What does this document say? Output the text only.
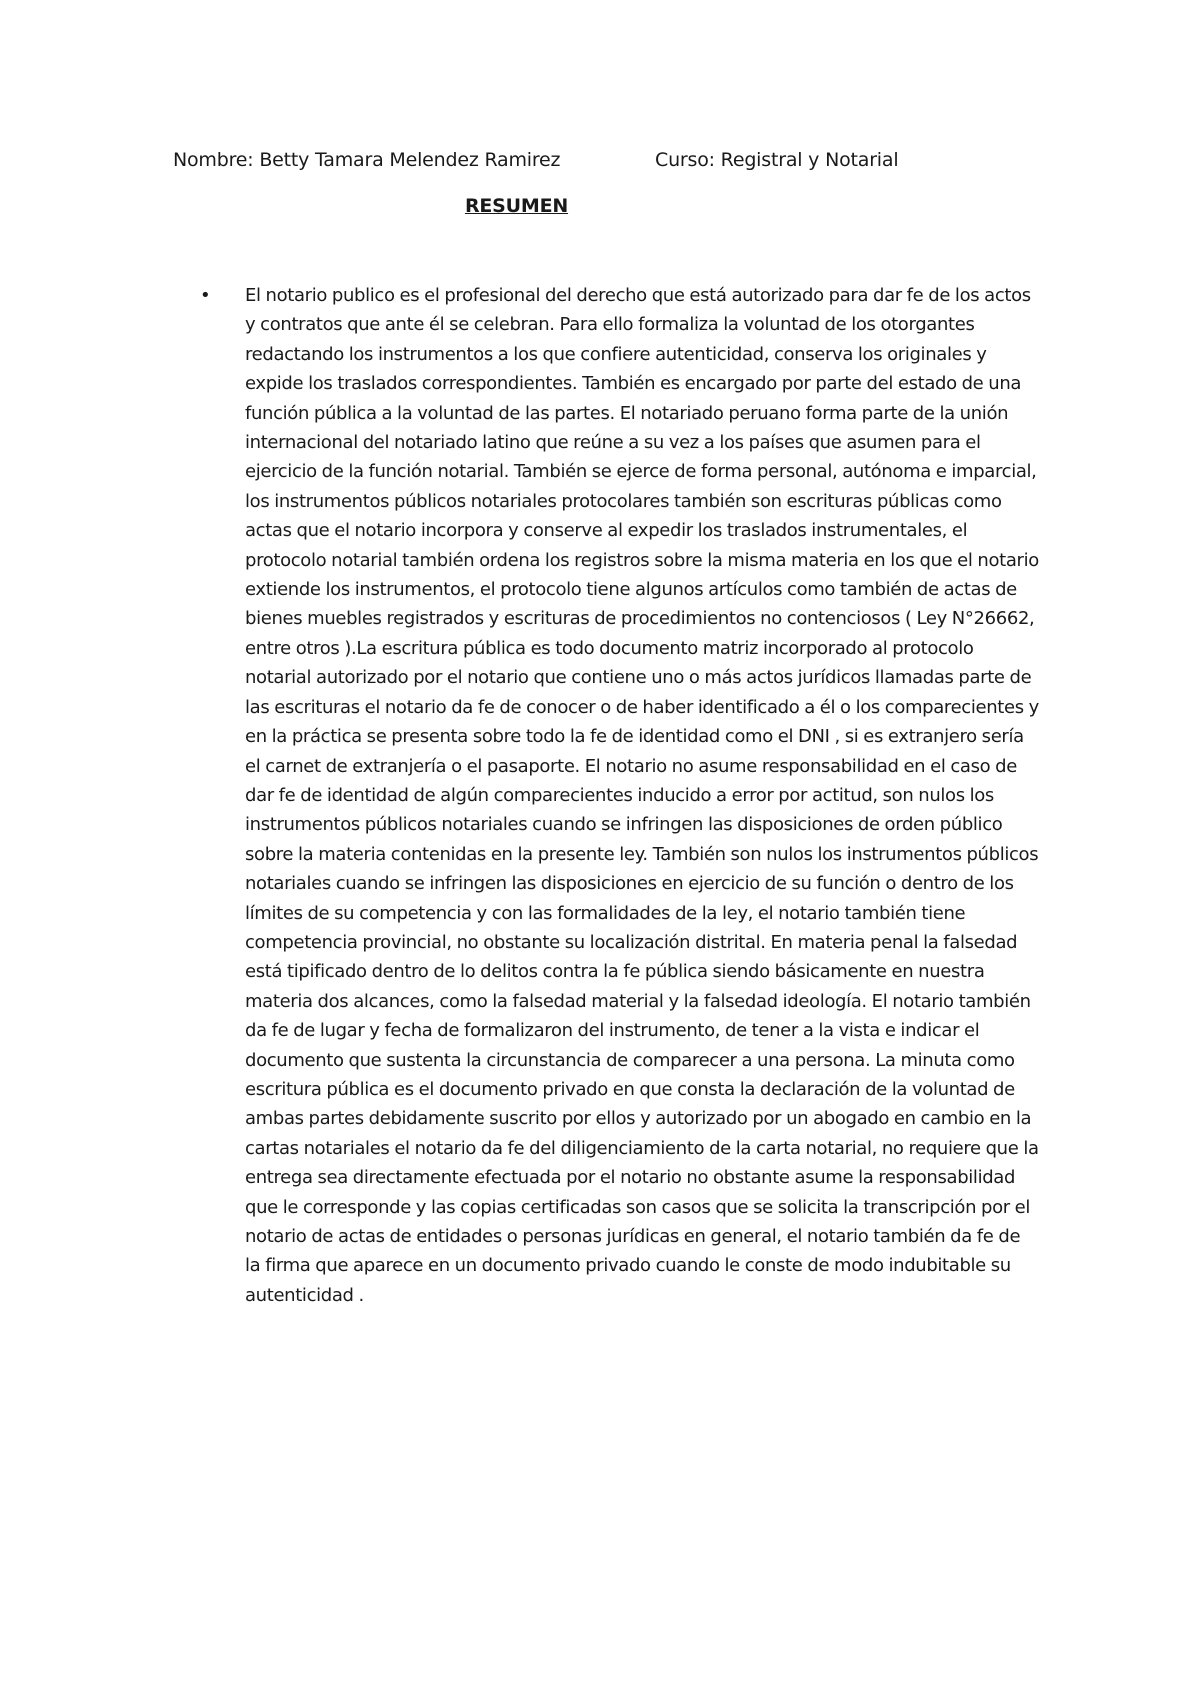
Nombre: Betty Tamara Melendez Ramirez	Curso: Registral y Notarial
RESUMEN
• El notario publico es el profesional del derecho que está autorizado para dar fe de los actos y contratos que ante él se celebran. Para ello formaliza la voluntad de los otorgantes redactando los instrumentos a los que confiere autenticidad, conserva los originales y expide los traslados correspondientes. También es encargado por parte del estado de una función pública a la voluntad de las partes. El notariado peruano forma parte de la unión internacional del notariado latino que reúne a su vez a los países que asumen para el ejercicio de la función notarial. También se ejerce de forma personal, autónoma e imparcial, los instrumentos públicos notariales protocolares también son escrituras públicas como actas que el notario incorpora y conserve al expedir los traslados instrumentales, el protocolo notarial también ordena los registros sobre la misma materia en los que el notario extiende los instrumentos, el protocolo tiene algunos artículos como también de actas de bienes muebles registrados y escrituras de procedimientos no contenciosos ( Ley N°26662, entre otros ).La escritura pública es todo documento matriz incorporado al protocolo notarial autorizado por el notario que contiene uno o más actos jurídicos llamadas parte de las escrituras el notario da fe de conocer o de haber identificado a él o los comparecientes y en la práctica se presenta sobre todo la fe de identidad como el DNI , si es extranjero sería el carnet de extranjería o el pasaporte. El notario no asume responsabilidad en el caso de dar fe de identidad de algún comparecientes inducido a error por actitud, son nulos los instrumentos públicos notariales cuando se infringen las disposiciones de orden público sobre la materia contenidas en la presente ley. También son nulos los instrumentos públicos notariales cuando se infringen las disposiciones en ejercicio de su función o dentro de los límites de su competencia y con las formalidades de la ley, el notario también tiene competencia provincial, no obstante su localización distrital. En materia penal la falsedad está tipificado dentro de lo delitos contra la fe pública siendo básicamente en nuestra materia dos alcances, como la falsedad material y la falsedad ideología. El notario también da fe de lugar y fecha de formalizaron del instrumento, de tener a la vista e indicar el documento que sustenta la circunstancia de comparecer a una persona. La minuta como escritura pública es el documento privado en que consta la declaración de la voluntad de ambas partes debidamente suscrito por ellos y autorizado por un abogado en cambio en la cartas notariales el notario da fe del diligenciamiento de la carta notarial, no requiere que la entrega sea directamente efectuada por el notario no obstante asume la responsabilidad que le corresponde y las copias certificadas son casos que se solicita la transcripción por el notario de actas de entidades o personas jurídicas en general, el notario también da fe de la firma que aparece en un documento privado cuando le conste de modo indubitable su autenticidad .
